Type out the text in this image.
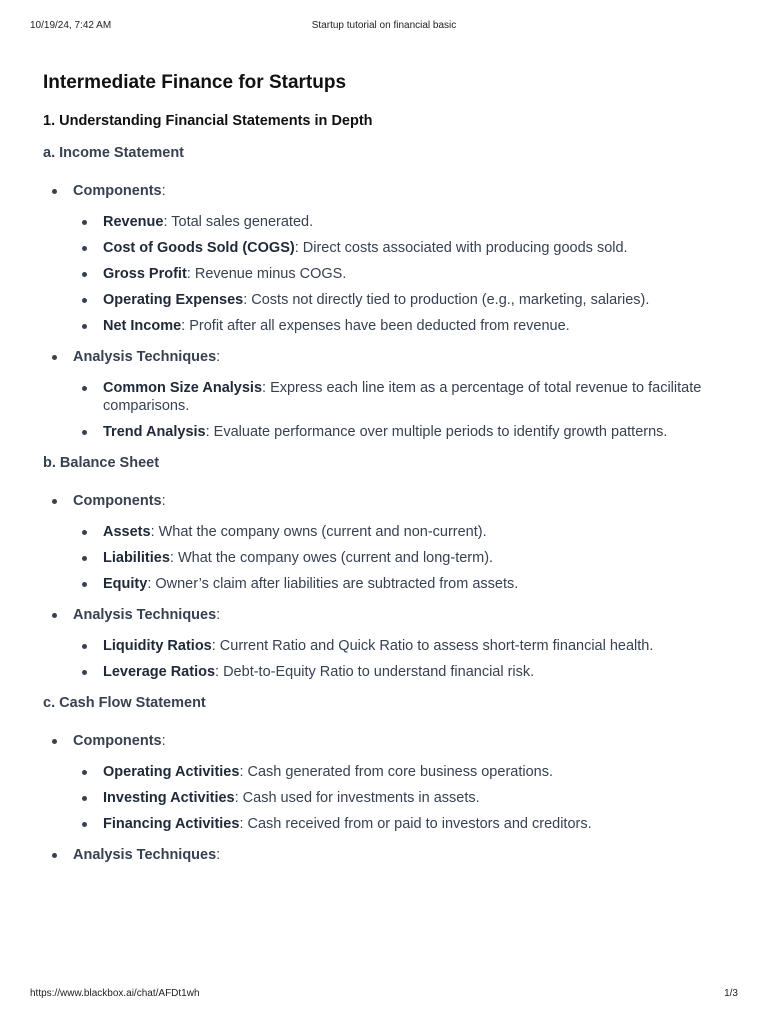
10/19/24, 7:42 AM	Startup tutorial on financial basic
Intermediate Finance for Startups
1. Understanding Financial Statements in Depth
a. Income Statement
Components:
Revenue: Total sales generated.
Cost of Goods Sold (COGS): Direct costs associated with producing goods sold.
Gross Profit: Revenue minus COGS.
Operating Expenses: Costs not directly tied to production (e.g., marketing, salaries).
Net Income: Profit after all expenses have been deducted from revenue.
Analysis Techniques:
Common Size Analysis: Express each line item as a percentage of total revenue to facilitate comparisons.
Trend Analysis: Evaluate performance over multiple periods to identify growth patterns.
b. Balance Sheet
Components:
Assets: What the company owns (current and non-current).
Liabilities: What the company owes (current and long-term).
Equity: Owner’s claim after liabilities are subtracted from assets.
Analysis Techniques:
Liquidity Ratios: Current Ratio and Quick Ratio to assess short-term financial health.
Leverage Ratios: Debt-to-Equity Ratio to understand financial risk.
c. Cash Flow Statement
Components:
Operating Activities: Cash generated from core business operations.
Investing Activities: Cash used for investments in assets.
Financing Activities: Cash received from or paid to investors and creditors.
Analysis Techniques:
https://www.blackbox.ai/chat/AFDt1wh	1/3
